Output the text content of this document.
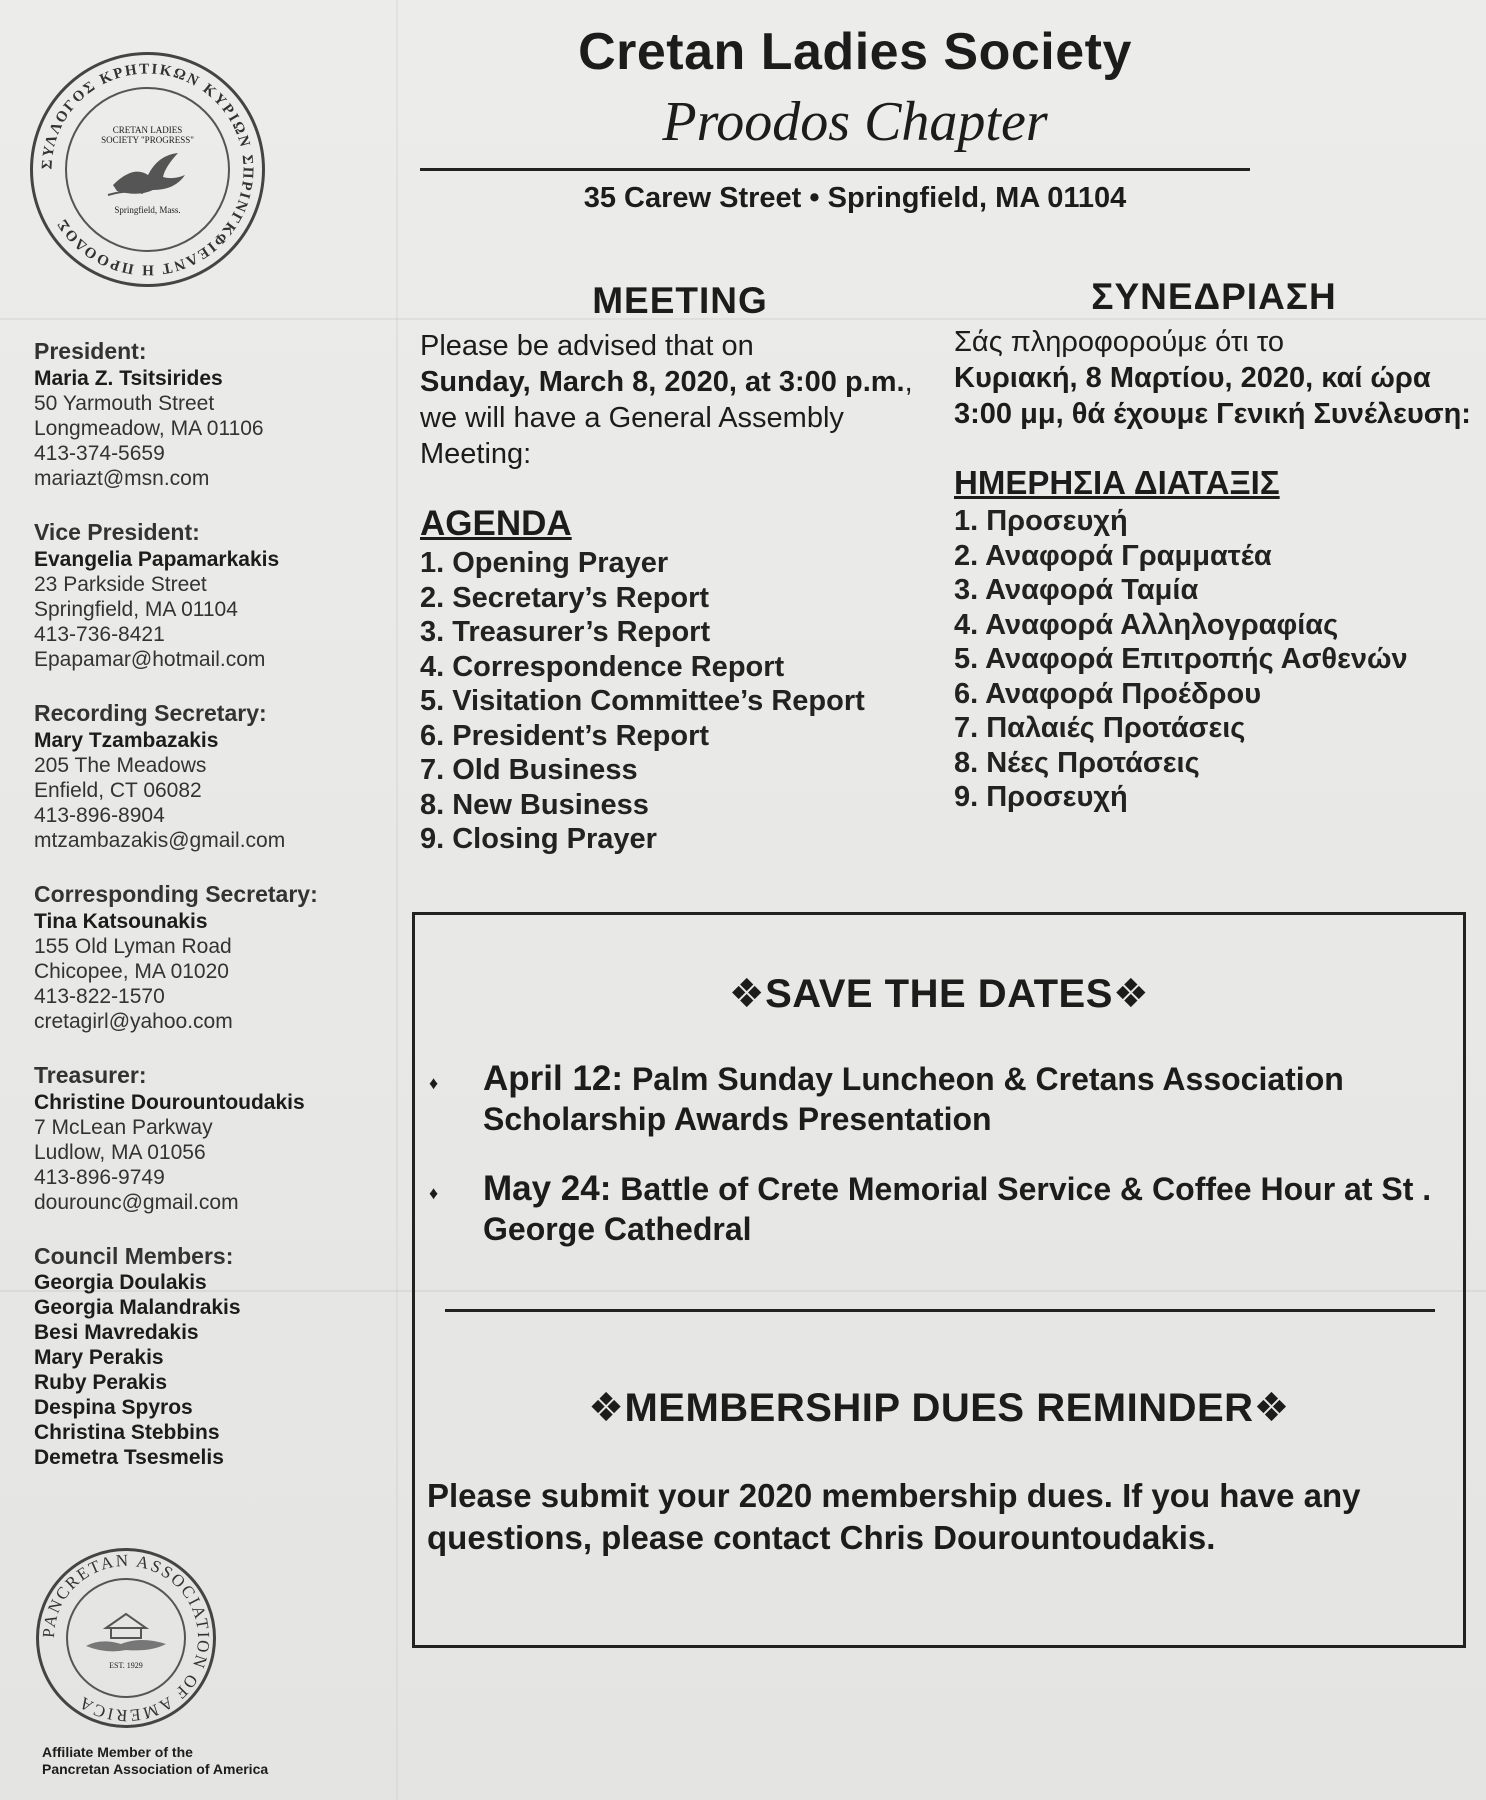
ΣΥΛΛΟΓΟΣ ΚΡΗΤΙΚΩΝ ΚΥΡΙΩΝ ΣΠΡΙΝΓΚΦΙΕΛΝΤ Η ΠΡΟΟΔΟΣ
CRETAN LADIES
SOCIETY "PROGRESS"
Springfield, Mass.
Cretan Ladies Society
Proodos Chapter
35 Carew Street • Springfield, MA 01104
President:
Maria Z. Tsitsirides
50 Yarmouth Street
Longmeadow, MA 01106
413-374-5659
mariazt@msn.com
Vice President:
Evangelia Papamarkakis
23 Parkside Street
Springfield, MA 01104
413-736-8421
Epapamar@hotmail.com
Recording Secretary:
Mary Tzambazakis
205 The Meadows
Enfield, CT 06082
413-896-8904
mtzambazakis@gmail.com
Corresponding Secretary:
Tina Katsounakis
155 Old Lyman Road
Chicopee, MA 01020
413-822-1570
cretagirl@yahoo.com
Treasurer:
Christine Dourountoudakis
7 McLean Parkway
Ludlow, MA 01056
413-896-9749
dourounc@gmail.com
Council Members:
Georgia Doulakis
Georgia Malandrakis
Besi Mavredakis
Mary Perakis
Ruby Perakis
Despina Spyros
Christina Stebbins
Demetra Tsesmelis
PANCRETAN ASSOCIATION OF AMERICA
EST. 1929
Affiliate Member of the
Pancretan Association of America
MEETING
Please be advised that on
Sunday, March 8, 2020, at 3:00 p.m., we will have a General Assembly Meeting:
AGENDA
1. Opening Prayer
2. Secretary’s Report
3. Treasurer’s Report
4. Correspondence Report
5. Visitation Committee’s Report
6. President’s Report
7. Old Business
8. New Business
9. Closing Prayer
ΣΥΝΕΔΡΙΑΣΗ
Σάς πληροφορούμε ότι το
Κυριακή, 8 Μαρτίου, 2020, καί ώρα 3:00 μμ, θά έχουμε Γενική Συνέλευση:
ΗΜΕΡΗΣΙΑ ΔΙΑΤΑΞΙΣ
1. Προσευχή
2. Αναφορά Γραμματέα
3. Αναφορά Ταμία
4. Αναφορά Αλληλογραφίας
5. Αναφορά Επιτροπής Ασθενών
6. Αναφορά Προέδρου
7. Παλαιές Προτάσεις
8. Νέες Προτάσεις
9. Προσευχή
❖SAVE THE DATES❖
♦ April 12: Palm Sunday Luncheon & Cretans Association Scholarship Awards Presentation
♦ May 24: Battle of Crete Memorial Service & Coffee Hour at St . George Cathedral
❖MEMBERSHIP DUES REMINDER❖
Please submit your 2020 membership dues. If you have any questions, please contact Chris Dourountoudakis.
